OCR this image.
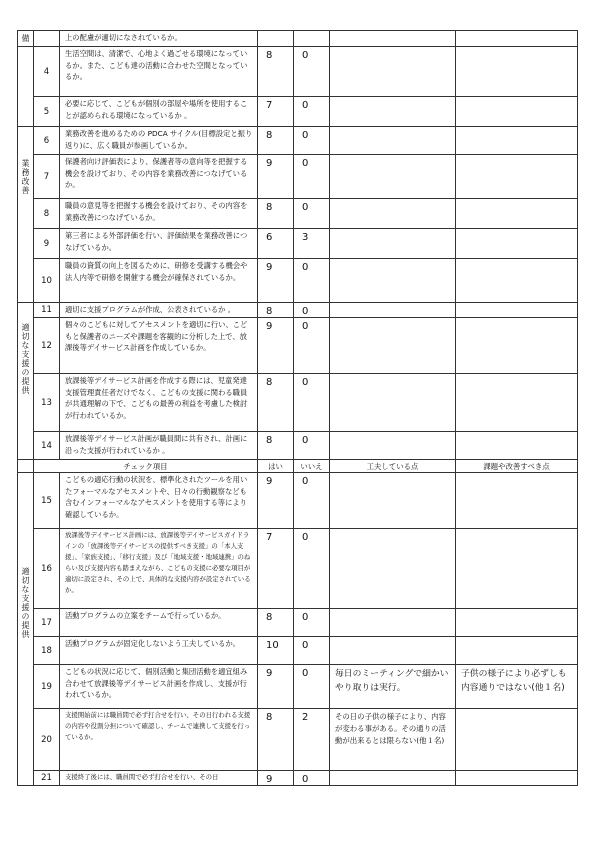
備		上の配慮が適切になされているか。				
	4	生活空間は、清潔で、心地よく過ごせる環境になっているか。また、こども達の活動に合わせた空間となっているか。	8	0		
	5	必要に応じて、こどもが個別の部屋や場所を使用することが認められる環境になっているか 。	7	0		

業務改善	6	業務改善を進めるための PDCA サイクル(目標設定と振り返り)に、広く職員が参画しているか。	8	0		
	7	保護者向け評価表により、保護者等の意向等を把握する機会を設けており、その内容を業務改善につなげているか。	9	0		
	8	職員の意見等を把握する機会を設けており、その内容を業務改善につなげているか。	8	0		
	9	第三者による外部評価を行い、評価結果を業務改善につなげているか。	6	3		
	10	職員の資質の向上を図るために、研修を受講する機会や法人内等で研修を開催する機会が確保されているか。	9	0		

適切な支援の提供	11	適切に支援プログラムが作成、公表されているか 。	8	0		
	12	個々のこどもに対してアセスメントを適切に行い、こどもと保護者のニーズや課題を客観的に分析した上で、放課後等デイサービス計画を作成しているか。	9	0		
	13	放課後等デイサービス計画を作成する際には、児童発達支援管理責任者だけでなく、こどもの支援に関わる職員が共通理解の下で、こどもの最善の利益を考慮した検討が行われているか。	8	0		
	14	放課後等デイサービス計画が職員間に共有され、計画に沿った支援が行われているか 。	8	0		
	チェック項目		はい	いいえ	工夫している点	課題や改善すべき点

適切な支援の提供	15	こどもの適応行動の状況を、標準化されたツールを用いたフォーマルなアセスメントや、日々の行動観察なども含むインフォーマルなアセスメントを使用する等により確認しているか。	9	0		
	16	放課後等デイサービス計画には、放課後等デイサービスガイドラインの「放課後等デイサービスの提供すべき支援」の「本人支援」、「家族支援」、「移行支援」及び「地域支援・地域連携」のねらい及び支援内容も踏まえながら、こどもの支援に必要な項目が適切に設定され、その上で、具体的な支援内容が設定されているか。	7	0		
	17	活動プログラムの立案をチームで行っているか。	8	0		
	18	活動プログラムが固定化しないよう工夫しているか。	10	0		
	19	こどもの状況に応じて、個別活動と集団活動を適宜組み合わせて放課後等デイサービス計画を作成し、支援が行われているか。	9	0	毎日のミーティングで細かいやり取りは実行。	子供の様子により必ずしも内容通りではない(他１名)
	20	支援開始前には職員間で必ず打合せを行い、その日行われる支援の内容や役割分担について確認し、チームで連携して支援を行っているか。	8	2	その日の子供の様子により、内容が変わる事がある。その通りの活動が出来るとは限らない(他１名)	
	21	支援終了後には、職員間で必ず打合せを行い、その日	9	0		
